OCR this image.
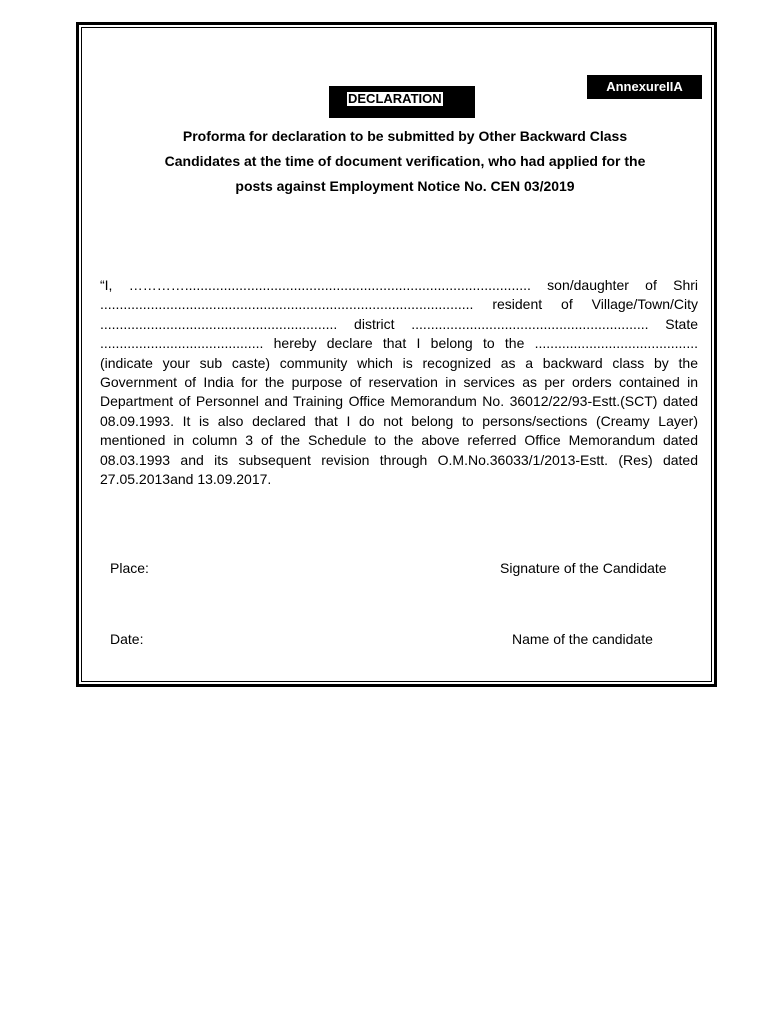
AnnexureIIA
DECLARATION
Proforma for declaration to be submitted by Other Backward Class
Candidates at the time of document verification, who had applied for the
posts against Employment Notice No. CEN 03/2019
“I, …………......................................................................................... son/daughter of Shri
................................................................................................ resident of Village/Town/City
............................................................. district ............................................................. State
.......................................... hereby declare that I belong to the ..........................................
(indicate your sub caste) community which is recognized as a backward class by the
Government of India for the purpose of reservation in services as per orders contained in
Department of Personnel and Training Office Memorandum No. 36012/22/93-Estt.(SCT) dated
08.09.1993. It is also declared that I do not belong to persons/sections (Creamy Layer)
mentioned in column 3 of the Schedule to the above referred Office Memorandum dated
08.03.1993 and its subsequent revision through O.M.No.36033/1/2013-Estt. (Res) dated
27.05.2013and 13.09.2017.
Place:	Signature of the Candidate
Date:	Name of the candidate
